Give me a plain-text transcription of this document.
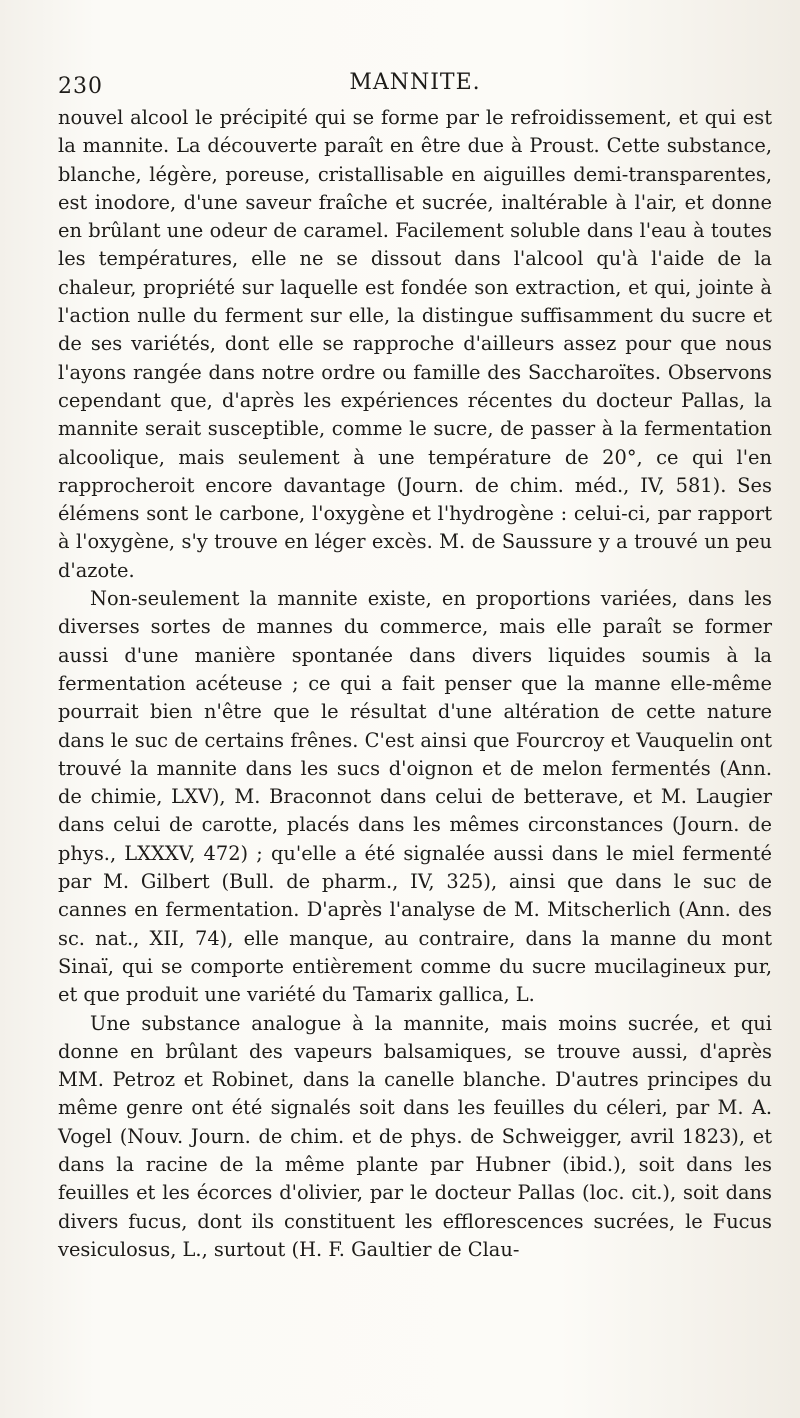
230	MANNITE.

nouvel alcool le précipité qui se forme par le refroidissement, et qui est la mannite. La découverte paraît en être due à Proust. Cette substance, blanche, légère, poreuse, cristallisable en aiguilles demi-transparentes, est inodore, d'une saveur fraîche et sucrée, inaltérable à l'air, et donne en brûlant une odeur de caramel. Facilement soluble dans l'eau à toutes les températures, elle ne se dissout dans l'alcool qu'à l'aide de la chaleur, propriété sur laquelle est fondée son extraction, et qui, jointe à l'action nulle du ferment sur elle, la distingue suffisamment du sucre et de ses variétés, dont elle se rapproche d'ailleurs assez pour que nous l'ayons rangée dans notre ordre ou famille des Saccharoïtes. Observons cependant que, d'après les expériences récentes du docteur Pallas, la mannite serait susceptible, comme le sucre, de passer à la fermentation alcoolique, mais seulement à une température de 20°, ce qui l'en rapprocheroit encore davantage (Journ. de chim. méd., IV, 581). Ses élémens sont le carbone, l'oxygène et l'hydrogène : celui-ci, par rapport à l'oxygène, s'y trouve en léger excès. M. de Saussure y a trouvé un peu d'azote.

Non-seulement la mannite existe, en proportions variées, dans les diverses sortes de mannes du commerce, mais elle paraît se former aussi d'une manière spontanée dans divers liquides soumis à la fermentation acéteuse ; ce qui a fait penser que la manne elle-même pourrait bien n'être que le résultat d'une altération de cette nature dans le suc de certains frênes. C'est ainsi que Fourcroy et Vauquelin ont trouvé la mannite dans les sucs d'oignon et de melon fermentés (Ann. de chimie, LXV), M. Braconnot dans celui de betterave, et M. Laugier dans celui de carotte, placés dans les mêmes circonstances (Journ. de phys., LXXXV, 472) ; qu'elle a été signalée aussi dans le miel fermenté par M. Gilbert (Bull. de pharm., IV, 325), ainsi que dans le suc de cannes en fermentation. D'après l'analyse de M. Mitscherlich (Ann. des sc. nat., XII, 74), elle manque, au contraire, dans la manne du mont Sinaï, qui se comporte entièrement comme du sucre mucilagineux pur, et que produit une variété du Tamarix gallica, L.

Une substance analogue à la mannite, mais moins sucrée, et qui donne en brûlant des vapeurs balsamiques, se trouve aussi, d'après MM. Petroz et Robinet, dans la canelle blanche. D'autres principes du même genre ont été signalés soit dans les feuilles du céleri, par M. A. Vogel (Nouv. Journ. de chim. et de phys. de Schweigger, avril 1823), et dans la racine de la même plante par Hubner (ibid.), soit dans les feuilles et les écorces d'olivier, par le docteur Pallas (loc. cit.), soit dans divers fucus, dont ils constituent les efflorescences sucrées, le Fucus vesiculosus, L., surtout (H. F. Gaultier de Clau-
